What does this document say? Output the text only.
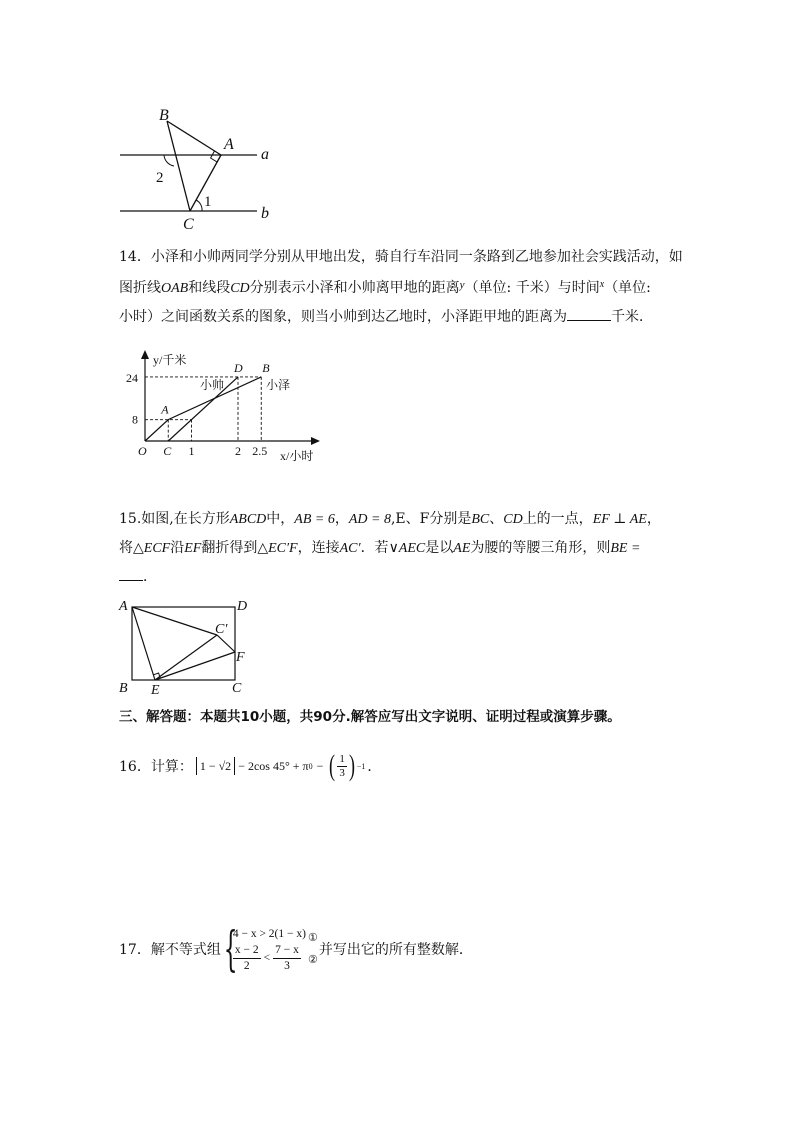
B
A
C
a
b
2
1
14．小泽和小帅两同学分别从甲地出发，骑自行车沿同一条路到乙地参加社会实践活动，如
图折线OAB和线段CD分别表示小泽和小帅离甲地的距离$^y$（单位: 千米）与时间$^x$（单位:
小时）之间函数关系的图象，则当小帅到达乙地时，小泽距甲地的距离为	千米．
O C 1	2 2.5
8
24
A
B
D
y/千米
x/小时
小帅	小泽
15.如图,在长方形ABCD中，AB = 6，AD = 8,E、F分别是BC、CD上的一点，EF ⊥ AE，
将△ECF沿EF翻折得到△EC′F，连接AC′．若∨AEC是以AE为腰的等腰三角形，则BE =
．
A	D
B E	C
C′
F
三、解答题：本题共10小题，共90分.解答应写出文字说明、证明过程或演算步骤。
16．计算： 1 − √2 − 2cos 45° + π 0 − ( $\frac{1}{3}$ ) −1 ．
17．解不等式组 {
4 − x > 2(1 − x)
$\frac{x - 2}{2} < \frac{7 - x}{3}$
①
②
并写出它的所有整数解．
